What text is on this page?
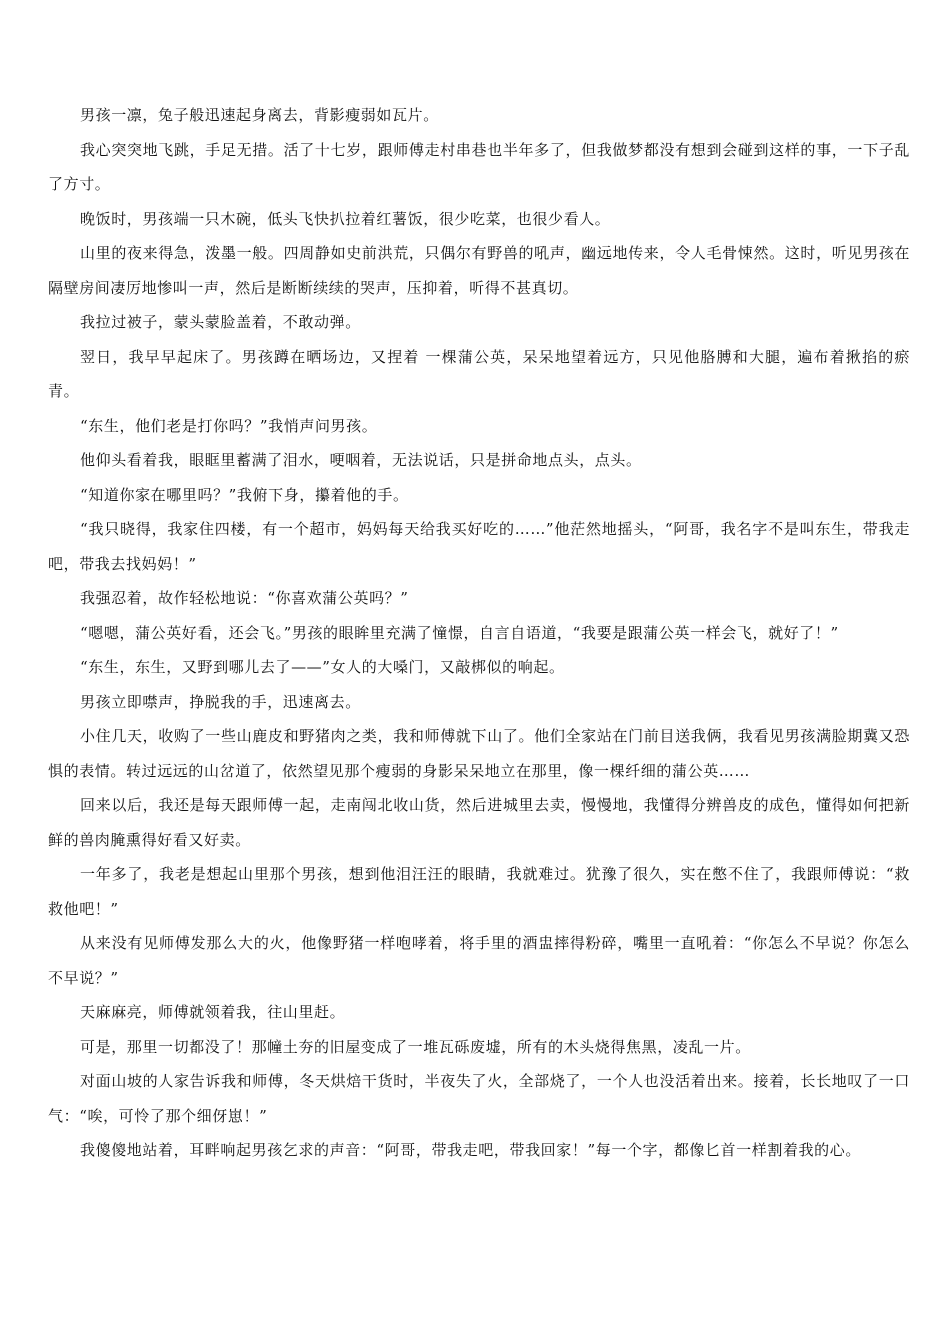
男孩一凛，兔子般迅速起身离去，背影瘦弱如瓦片。

我心突突地飞跳，手足无措。活了十七岁，跟师傅走村串巷也半年多了，但我做梦都没有想到会碰到这样的事，一下子乱了方寸。

晚饭时，男孩端一只木碗，低头飞快扒拉着红薯饭，很少吃菜，也很少看人。

山里的夜来得急，泼墨一般。四周静如史前洪荒，只偶尔有野兽的吼声，幽远地传来，令人毛骨悚然。这时，听见男孩在隔壁房间凄厉地惨叫一声，然后是断断续续的哭声，压抑着，听得不甚真切。

我拉过被子，蒙头蒙脸盖着，不敢动弹。

翌日，我早早起床了。男孩蹲在晒场边，又捏着 一棵蒲公英，呆呆地望着远方，只见他胳膊和大腿，遍布着揪掐的瘀青。

“东生，他们老是打你吗？”我悄声问男孩。

他仰头看着我，眼眶里蓄满了泪水，哽咽着，无法说话，只是拼命地点头，点头。

“知道你家在哪里吗？”我俯下身，攥着他的手。

“我只晓得，我家住四楼，有一个超市，妈妈每天给我买好吃的……”他茫然地摇头，“阿哥，我名字不是叫东生，带我走吧，带我去找妈妈！”

我强忍着，故作轻松地说：“你喜欢蒲公英吗？”

“嗯嗯，蒲公英好看，还会飞。”男孩的眼眸里充满了憧憬，自言自语道，“我要是跟蒲公英一样会飞，就好了！”

“东生，东生，又野到哪儿去了——”女人的大嗓门，又敲梆似的响起。

男孩立即噤声，挣脱我的手，迅速离去。

小住几天，收购了一些山鹿皮和野猪肉之类，我和师傅就下山了。他们全家站在门前目送我俩，我看见男孩满脸期冀又恐惧的表情。转过远远的山岔道了，依然望见那个瘦弱的身影呆呆地立在那里，像一棵纤细的蒲公英……

回来以后，我还是每天跟师傅一起，走南闯北收山货，然后进城里去卖，慢慢地，我懂得分辨兽皮的成色，懂得如何把新鲜的兽肉腌熏得好看又好卖。

一年多了，我老是想起山里那个男孩，想到他泪汪汪的眼睛，我就难过。犹豫了很久，实在憋不住了，我跟师傅说：“救救他吧！”

从来没有见师傅发那么大的火，他像野猪一样咆哮着，将手里的酒盅摔得粉碎，嘴里一直吼着：“你怎么不早说？你怎么不早说？”

天麻麻亮，师傅就领着我，往山里赶。

可是，那里一切都没了！那幢土夯的旧屋变成了一堆瓦砾废墟，所有的木头烧得焦黑，凌乱一片。

对面山坡的人家告诉我和师傅，冬天烘焙干货时，半夜失了火，全部烧了，一个人也没活着出来。接着，长长地叹了一口气：“唉，可怜了那个细伢崽！”

我傻傻地站着，耳畔响起男孩乞求的声音：“阿哥，带我走吧，带我回家！”每一个字，都像匕首一样割着我的心。
